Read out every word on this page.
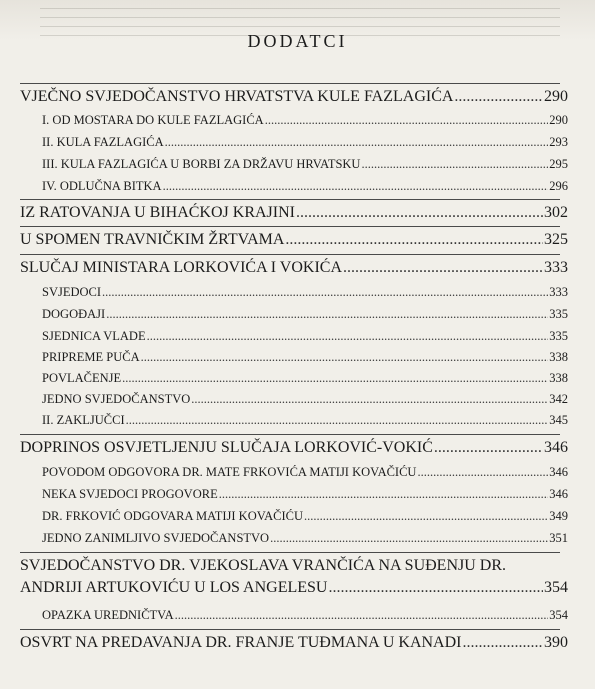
DODATCI
VJEČNO SVJEDOČANSTVO HRVATSTVA KULE FAZLAGIĆA .....	290
I. OD MOSTARA DO KULE FAZLAGIĆA .....	290
II. KULA FAZLAGIĆA .....	293
III. KULA FAZLAGIĆA U BORBI ZA DRŽAVU HRVATSKU .....	295
IV. ODLUČNA BITKA .....	296
IZ RATOVANJA U BIHAĆKOJ KRAJINI .....	302
U SPOMEN TRAVNIČKIM ŽRTVAMA .....	325
SLUČAJ MINISTARA LORKOVIĆA I VOKIĆA .....	333
SVJEDOCI .....	333
DOGOĐAJI .....	335
SJEDNICA VLADE .....	335
PRIPREME PUČA .....	338
POVLAČENJE .....	338
JEDNO SVJEDOČANSTVO .....	342
II. ZAKLJUČCI .....	345
DOPRINOS OSVJETLJENJU SLUČAJA LORKOVIĆ-VOKIĆ .....	346
POVODOM ODGOVORA DR. MATE FRKOVIĆA MATIJI KOVAČIĆU .....	346
NEKA SVJEDOCI PROGOVORE .....	346
DR. FRKOVIĆ ODGOVARA MATIJI KOVAČIĆU .....	349
JEDNO ZANIMLJIVO SVJEDOČANSTVO .....	351
SVJEDOČANSTVO DR. VJEKOSLAVA VRANČIĆA NA SUĐENJU DR.
ANDRIJI ARTUKOVIĆU U LOS ANGELESU .....	354
OPAZKA UREDNIČTVA .....	354
OSVRT NA PREDAVANJA DR. FRANJE TUĐMANA U KANADI .....	390
